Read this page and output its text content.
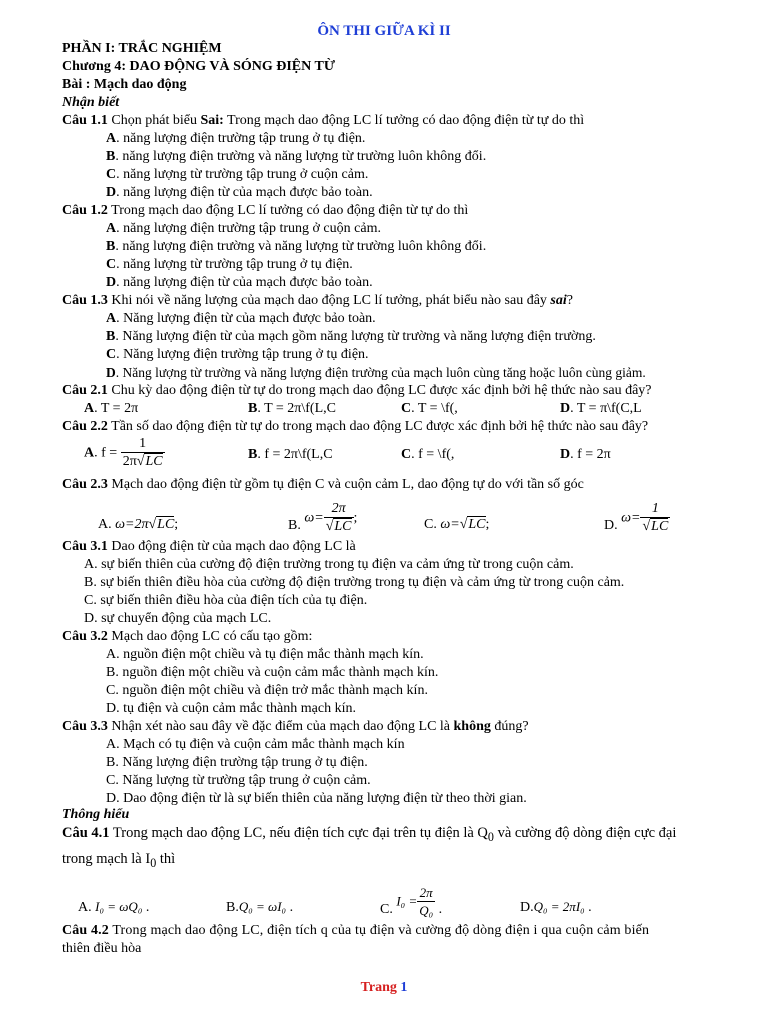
ÔN THI GIỮA KÌ II
PHẦN I: TRẮC NGHIỆM
Chương 4: DAO ĐỘNG VÀ SÓNG ĐIỆN TỪ
Bài : Mạch dao động
Nhận biết
Câu 1.1 Chọn phát biểu Sai: Trong mạch dao động LC lí tưởng có dao động điện từ tự do thì
A. năng lượng điện trường tập trung ở tụ điện.
B. năng lượng điện trường và năng lượng từ trường luôn không đổi.
C. năng lượng từ trường tập trung ở cuộn cảm.
D. năng lượng điện từ của mạch được bảo toàn.
Câu 1.2 Trong mạch dao động LC lí tưởng có dao động điện từ tự do thì
A. năng lượng điện trường tập trung ở cuộn cảm.
B. năng lượng điện trường và năng lượng từ trường luôn không đổi.
C. năng lượng từ trường tập trung ở tụ điện.
D. năng lượng điện từ của mạch được bảo toàn.
Câu 1.3 Khi nói về năng lượng của mạch dao động LC lí tưởng, phát biểu nào sau đây sai?
A. Năng lượng điện từ của mạch được bảo toàn.
B. Năng lượng điện từ của mạch gồm năng lượng từ trường và năng lượng điện trường.
C. Năng lượng điện trường tập trung ở tụ điện.
D. Năng lượng từ trường và năng lượng điện trường của mạch luôn cùng tăng hoặc luôn cùng giảm.
Câu 2.1 Chu kỳ dao động điện từ tự do trong mạch dao động LC được xác định bởi hệ thức nào sau đây?
A. T = 2π	B. T = 2π\f(L,C	C. T = \f(,	D. T = π\f(C,L
Câu 2.2 Tần số dao động điện từ tự do trong mạch dao động LC được xác định bởi hệ thức nào sau đây?
A. $f = \frac{1}{2\pi√LC}$	B. f = 2π\f(L,C	C. f = \f(,	D. f = 2π
Câu 2.3 Mạch dao động điện từ gồm tụ điện C và cuộn cảm L, dao động tự do với tần số góc
A. ω=2π√LC;	B. $\omega= \frac{2\pi}{√LC}$ ;	C. ω=√LC;	D. $\omega= \frac{1}{√LC}$
Câu 3.1 Dao động điện từ của mạch dao động LC là
A. sự biến thiên của cường độ điện trường trong tụ điện va cảm ứng từ trong cuộn cảm.
B. sự biến thiên điều hòa của cường độ điện trường trong tụ điện và cảm ứng từ trong cuộn cảm.
C. sự biến thiên điều hòa của điện tích của tụ điện.
D. sự chuyển động của mạch LC.
Câu 3.2 Mạch dao động LC có cấu tạo gồm:
A. nguồn điện một chiều và tụ điện mắc thành mạch kín.
B. nguồn điện một chiều và cuộn cảm mắc thành mạch kín.
C. nguồn điện một chiều và điện trở mắc thành mạch kín.
D. tụ điện và cuộn cảm mắc thành mạch kín.
Câu 3.3 Nhận xét nào sau đây về đặc điểm của mạch dao động LC là không đúng?
A. Mạch có tụ điện và cuộn cảm mắc thành mạch kín
B. Năng lượng điện trường tập trung ở tụ điện.
C. Năng lượng từ trường tập trung ở cuộn cảm.
D. Dao động điện từ là sự biến thiên của năng lượng điện từ theo thời gian.
Thông hiểu
Câu 4.1 Trong mạch dao động LC, nếu điện tích cực đại trên tụ điện là $Q_0$ và cường độ dòng điện cực đại
trong mạch là $I_0$ thì
A. I₀ = ωQ₀ .	B.Q₀ = ωI₀ .	C. $I_0 = \frac{2\pi}{\text{Q₀}}$ .	D.Q₀ = 2πI₀ .
Câu 4.2 Trong mạch dao động LC, điện tích q của tụ điện và cường độ dòng điện i qua cuộn cảm biến
thiên điều hòa
Trang 1
